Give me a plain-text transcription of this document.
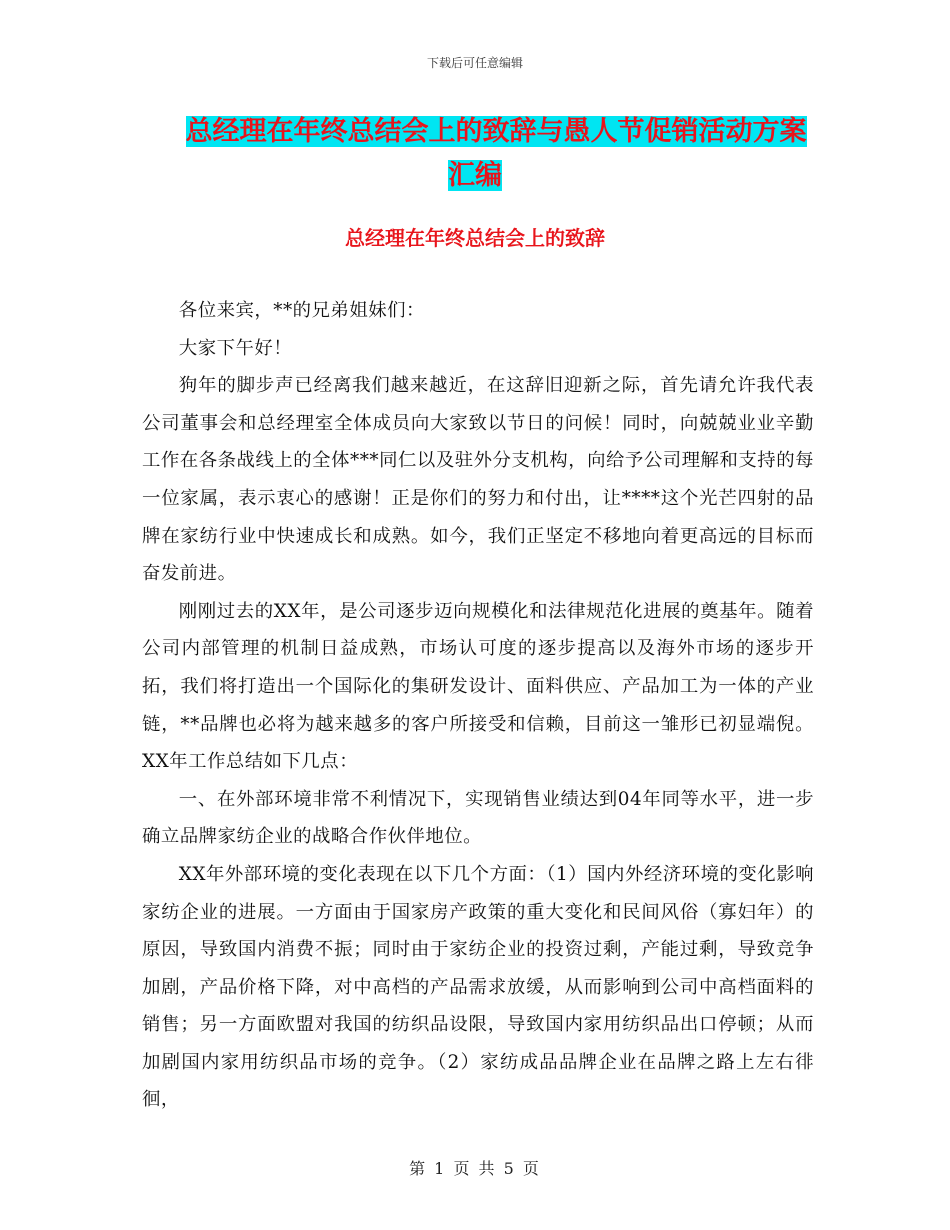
下载后可任意编辑
总经理在年终总结会上的致辞与愚人节促销活动方案
汇编
总经理在年终总结会上的致辞

各位来宾，**的兄弟姐妹们：

大家下午好！

狗年的脚步声已经离我们越来越近，在这辞旧迎新之际，首先请允许我代表公司董事会和总经理室全体成员向大家致以节日的问候！同时，向兢兢业业辛勤工作在各条战线上的全体***同仁以及驻外分支机构，向给予公司理解和支持的每一位家属，表示衷心的感谢！正是你们的努力和付出，让****这个光芒四射的品牌在家纺行业中快速成长和成熟。如今，我们正坚定不移地向着更高远的目标而奋发前进。

刚刚过去的XX年，是公司逐步迈向规模化和法律规范化进展的奠基年。随着公司内部管理的机制日益成熟，市场认可度的逐步提高以及海外市场的逐步开拓，我们将打造出一个国际化的集研发设计、面料供应、产品加工为一体的产业链，**品牌也必将为越来越多的客户所接受和信赖，目前这一雏形已初显端倪。XX年工作总结如下几点：

一、在外部环境非常不利情况下，实现销售业绩达到04年同等水平，进一步确立品牌家纺企业的战略合作伙伴地位。

XX年外部环境的变化表现在以下几个方面：（1）国内外经济环境的变化影响家纺企业的进展。一方面由于国家房产政策的重大变化和民间风俗（寡妇年）的原因，导致国内消费不振；同时由于家纺企业的投资过剩，产能过剩，导致竞争加剧，产品价格下降，对中高档的产品需求放缓，从而影响到公司中高档面料的销售；另一方面欧盟对我国的纺织品设限，导致国内家用纺织品出口停顿；从而加剧国内家用纺织品市场的竞争。（2）家纺成品品牌企业在品牌之路上左右徘徊，

第 1 页 共 5 页
